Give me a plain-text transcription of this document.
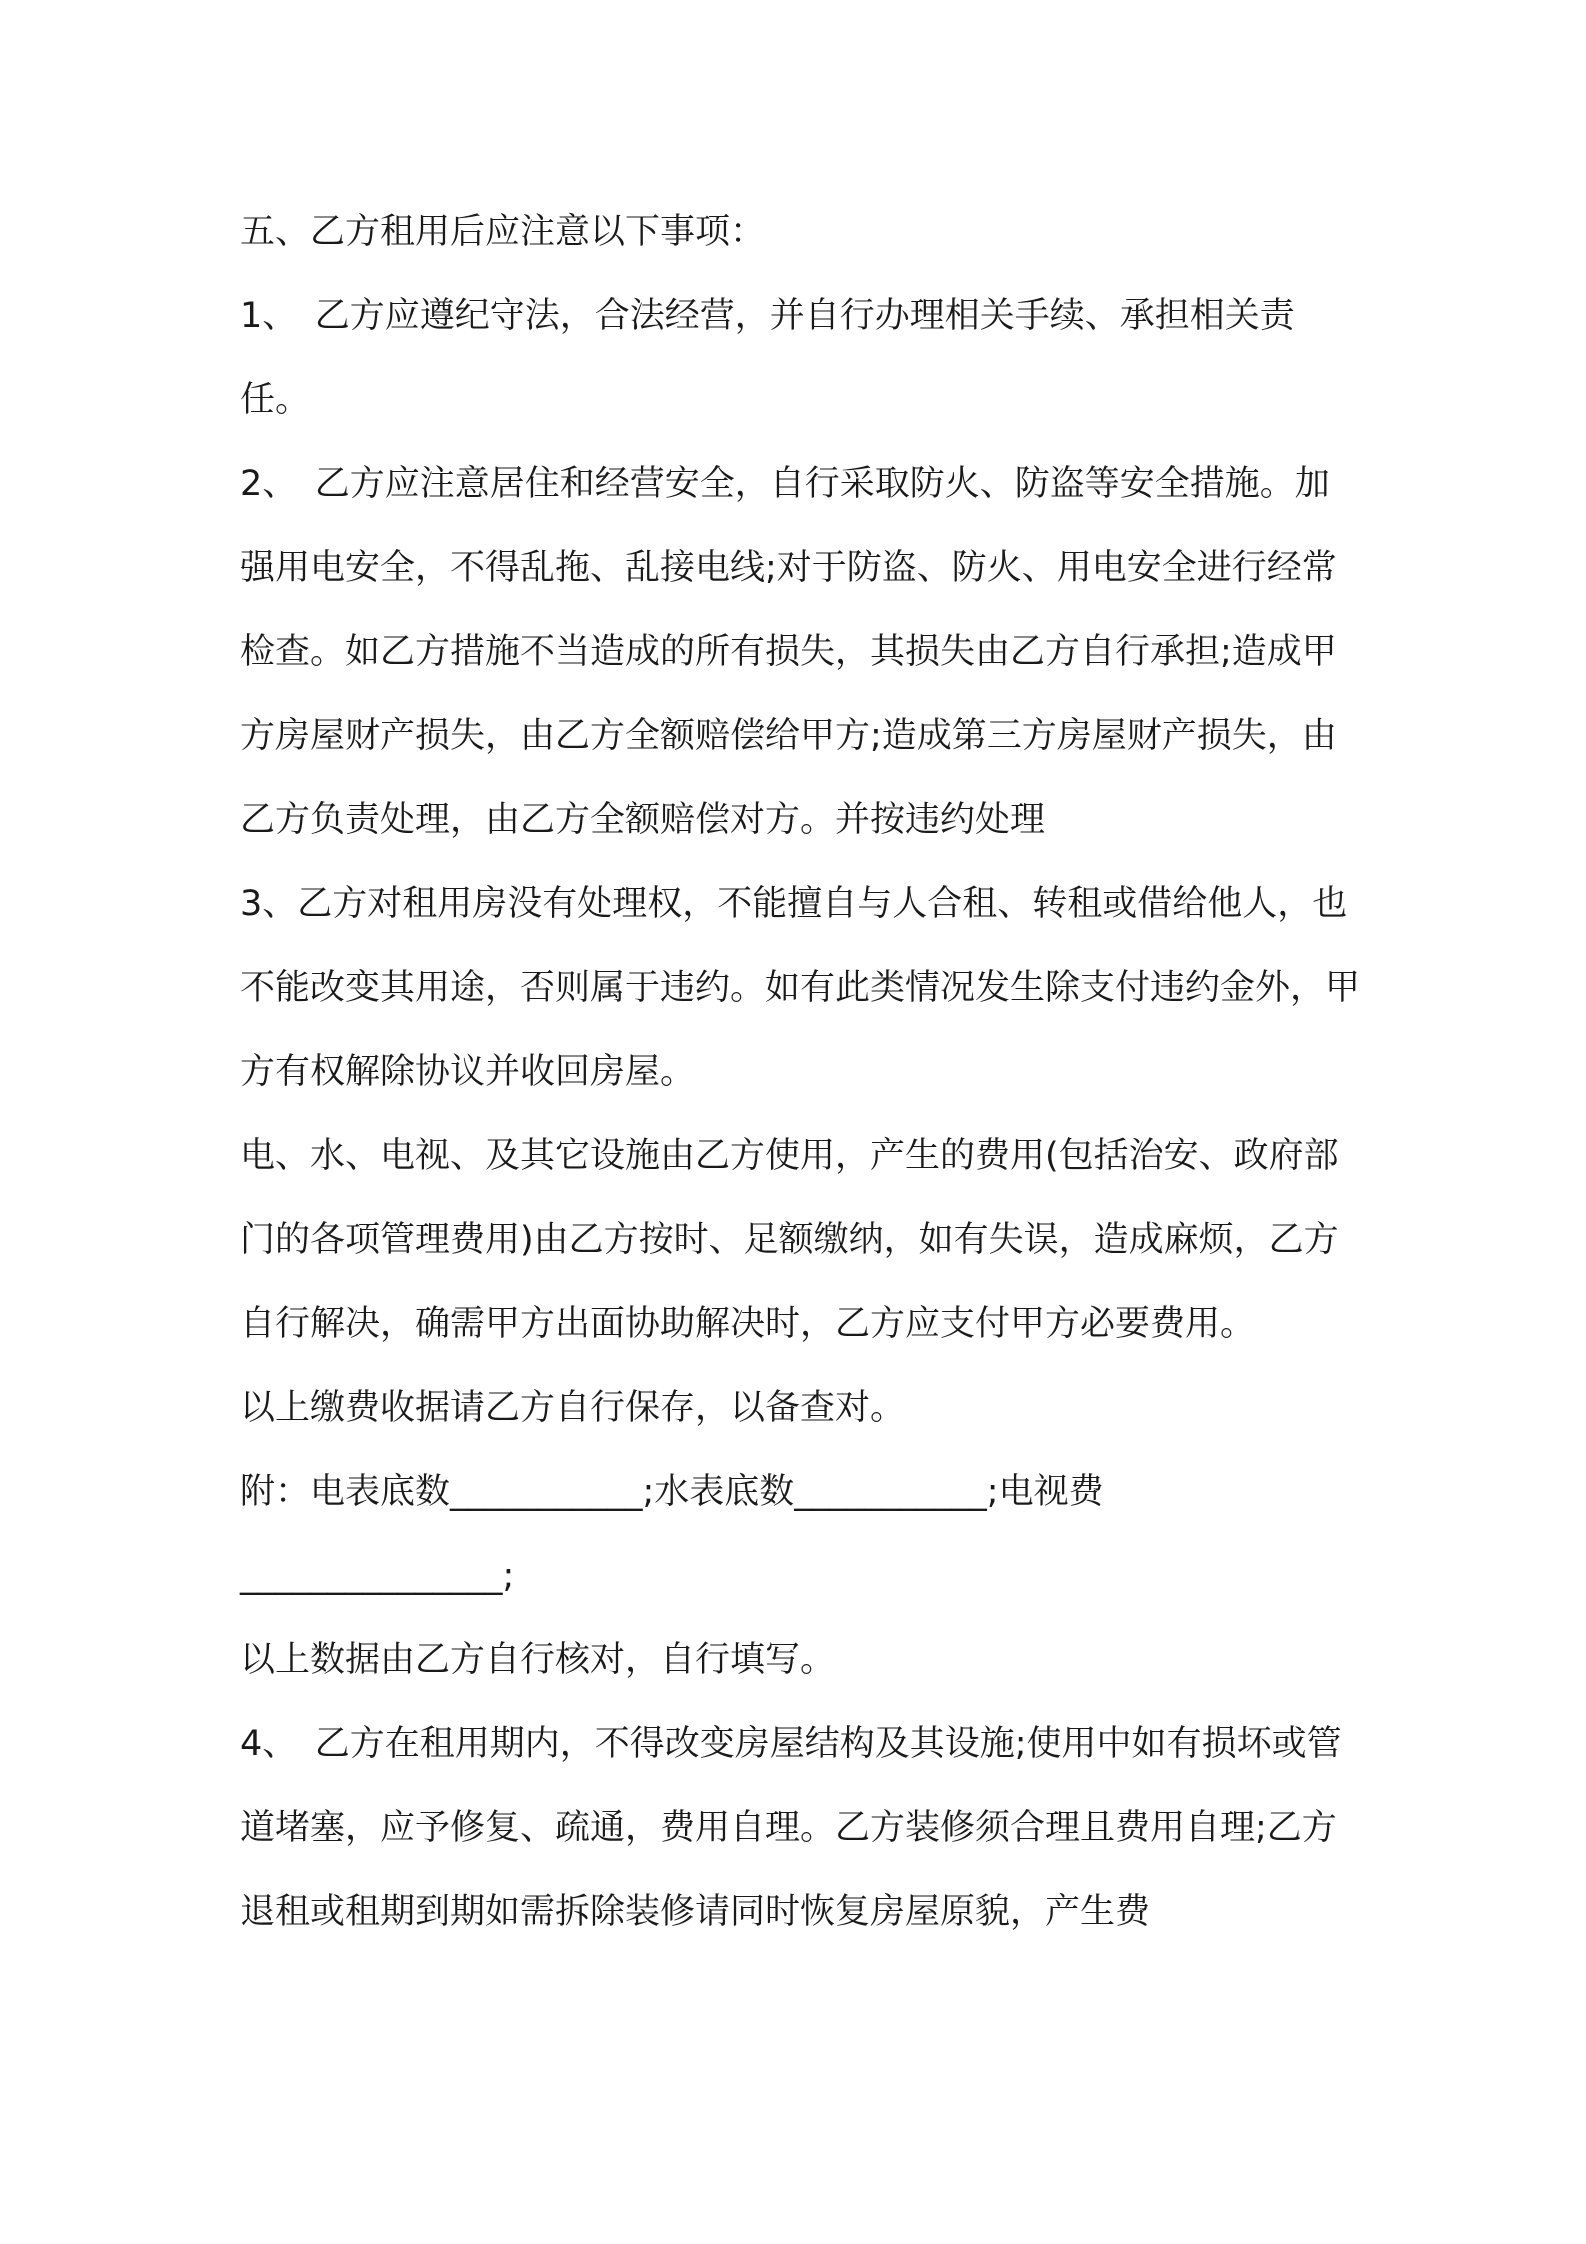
五、乙方租用后应注意以下事项：

1、　乙方应遵纪守法，合法经营，并自行办理相关手续、承担相关责任。

2、　乙方应注意居住和经营安全，自行采取防火、防盗等安全措施。加强用电安全，不得乱拖、乱接电线;对于防盗、防火、用电安全进行经常检查。如乙方措施不当造成的所有损失，其损失由乙方自行承担;造成甲方房屋财产损失，由乙方全额赔偿给甲方;造成第三方房屋财产损失，由乙方负责处理，由乙方全额赔偿对方。并按违约处理

3、乙方对租用房没有处理权，不能擅自与人合租、转租或借给他人，也不能改变其用途，否则属于违约。如有此类情况发生除支付违约金外，甲方有权解除协议并收回房屋。

电、水、电视、及其它设施由乙方使用，产生的费用(包括治安、政府部门的各项管理费用)由乙方按时、足额缴纳，如有失误，造成麻烦，乙方自行解决，确需甲方出面协助解决时，乙方应支付甲方必要费用。

以上缴费收据请乙方自行保存，以备查对。

附：电表底数___________;水表底数___________;电视费

_______________;

以上数据由乙方自行核对，自行填写。

4、　乙方在租用期内，不得改变房屋结构及其设施;使用中如有损坏或管道堵塞，应予修复、疏通，费用自理。乙方装修须合理且费用自理;乙方退租或租期到期如需拆除装修请同时恢复房屋原貌，产生费
